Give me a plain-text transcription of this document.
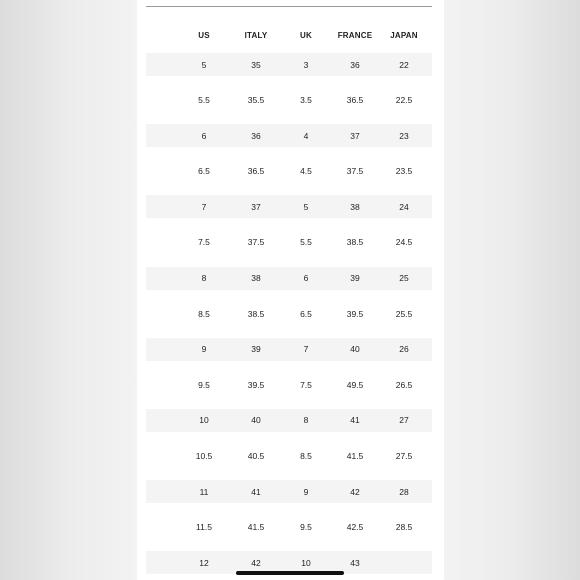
	US	ITALY	UK	FRANCE	JAPAN
	5	35	3	36	22
	5.5	35.5	3.5	36.5	22.5
	6	36	4	37	23
	6.5	36.5	4.5	37.5	23.5
	7	37	5	38	24
	7.5	37.5	5.5	38.5	24.5
	8	38	6	39	25
	8.5	38.5	6.5	39.5	25.5
	9	39	7	40	26
	9.5	39.5	7.5	49.5	26.5
	10	40	8	41	27
	10.5	40.5	8.5	41.5	27.5
	11	41	9	42	28
	11.5	41.5	9.5	42.5	28.5
	12	42	10	43	
